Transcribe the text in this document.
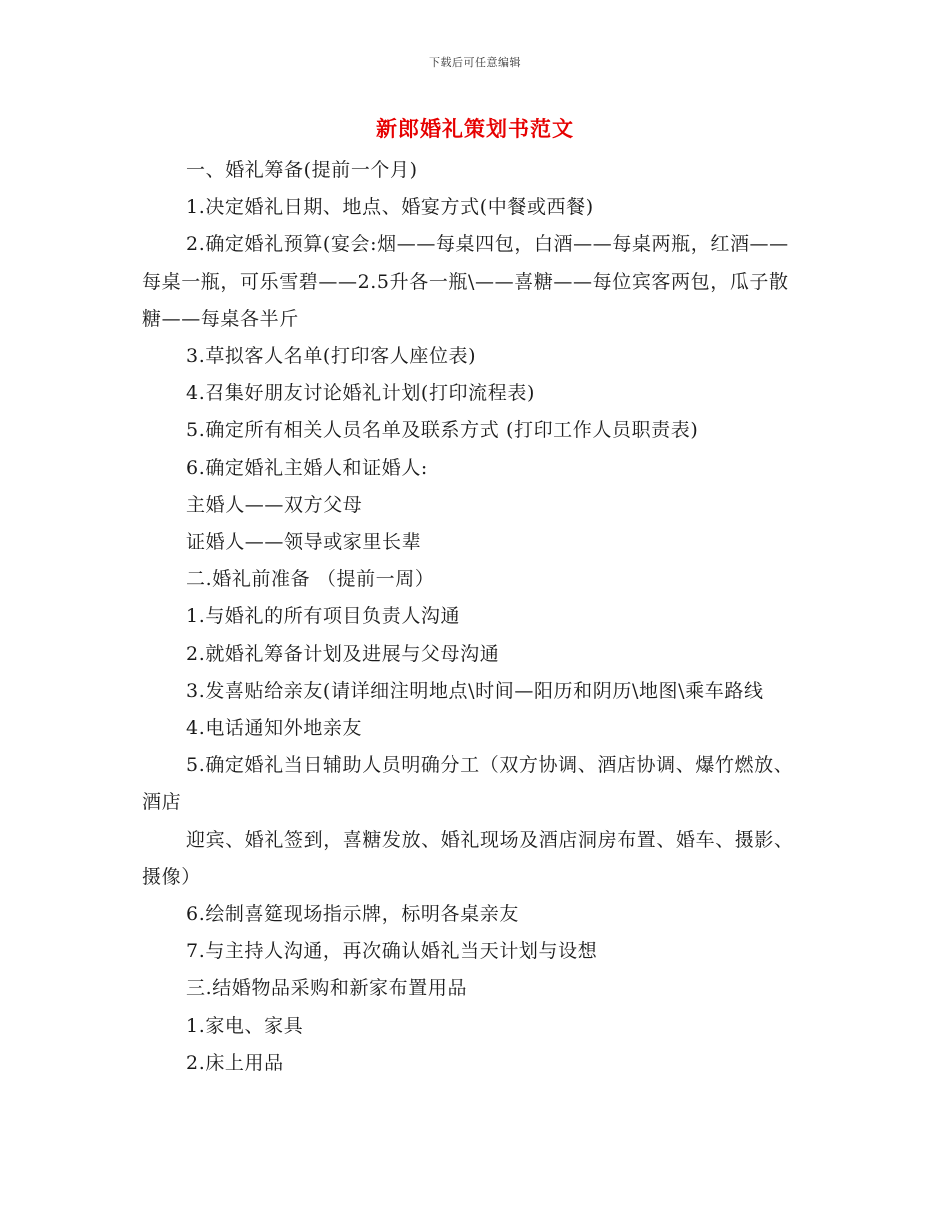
下载后可任意编辑
新郎婚礼策划书范文

一、婚礼筹备(提前一个月)

1.决定婚礼日期、地点、婚宴方式(中餐或西餐)

2.确定婚礼预算(宴会:烟——每桌四包，白酒——每桌两瓶，红酒——每桌一瓶，可乐雪碧——2.5升各一瓶\——喜糖——每位宾客两包，瓜子散糖——每桌各半斤

3.草拟客人名单(打印客人座位表)

4.召集好朋友讨论婚礼计划(打印流程表)

5.确定所有相关人员名单及联系方式 (打印工作人员职责表)

6.确定婚礼主婚人和证婚人:

主婚人——双方父母

证婚人——领导或家里长辈

二.婚礼前准备 （提前一周）

1.与婚礼的所有项目负责人沟通

2.就婚礼筹备计划及进展与父母沟通

3.发喜贴给亲友(请详细注明地点\时间—阳历和阴历\地图\乘车路线

4.电话通知外地亲友

5.确定婚礼当日辅助人员明确分工（双方协调、酒店协调、爆竹燃放、酒店

迎宾、婚礼签到，喜糖发放、婚礼现场及酒店洞房布置、婚车、摄影、摄像）

6.绘制喜筵现场指示牌，标明各桌亲友

7.与主持人沟通，再次确认婚礼当天计划与设想

三.结婚物品采购和新家布置用品

1.家电、家具

2.床上用品
